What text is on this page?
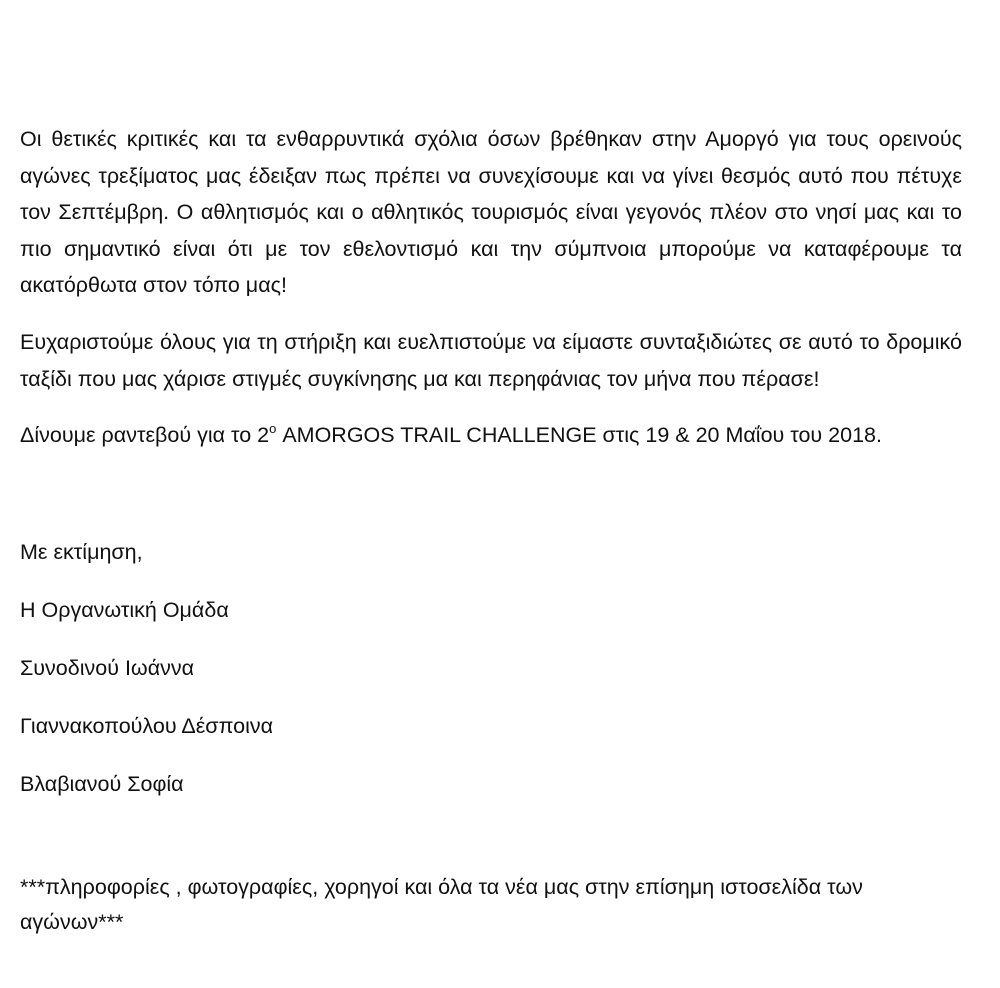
Οι θετικές κριτικές και τα ενθαρρυντικά σχόλια όσων βρέθηκαν στην Αμοργό για τους ορεινούς αγώνες τρεξίματος μας έδειξαν πως πρέπει να συνεχίσουμε και να γίνει θεσμός αυτό που πέτυχε τον Σεπτέμβρη. Ο αθλητισμός και ο αθλητικός τουρισμός είναι γεγονός πλέον στο νησί μας και το πιο σημαντικό είναι ότι με τον εθελοντισμό και την σύμπνοια μπορούμε να καταφέρουμε τα ακατόρθωτα στον τόπο μας!

Ευχαριστούμε όλους για τη στήριξη και ευελπιστούμε να είμαστε συνταξιδιώτες σε αυτό το δρομικό ταξίδι που μας χάρισε στιγμές συγκίνησης μα και περηφάνιας τον μήνα που πέρασε!

Δίνουμε ραντεβού για το $2^o$ AMORGOS TRAIL CHALLENGE στις 19 & 20 Μαΐου του 2018.

Με εκτίμηση,

Η Οργανωτική Ομάδα

Συνοδινού Ιωάννα

Γιαννακοπούλου Δέσποινα

Βλαβιανού Σοφία

***πληροφορίες , φωτογραφίες, χορηγοί και όλα τα νέα μας στην επίσημη ιστοσελίδα των αγώνων***
